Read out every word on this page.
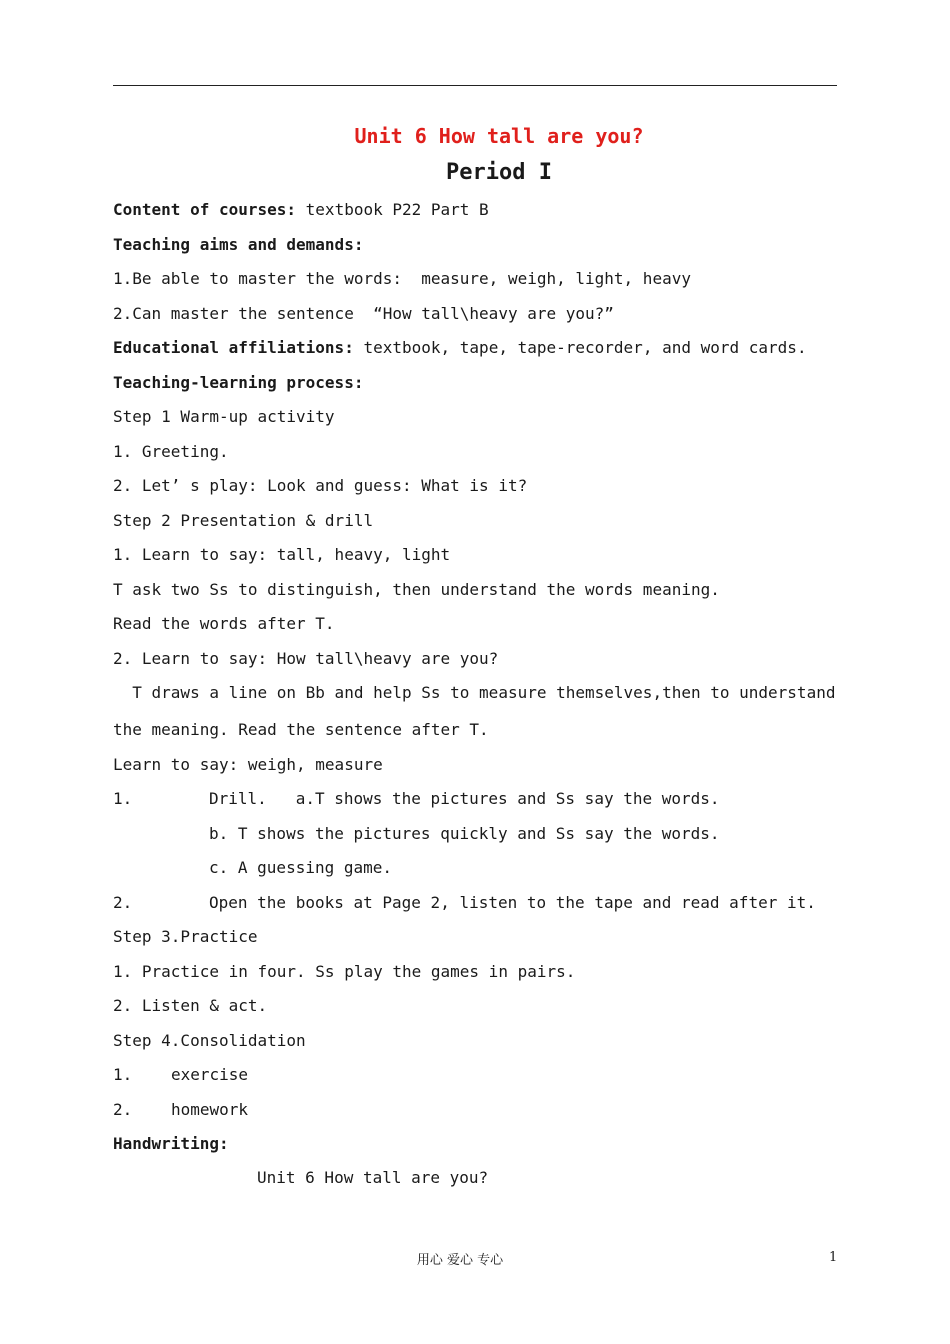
Unit 6 How tall are you?
Period I
Content of courses: textbook P22 Part B
Teaching aims and demands:
1.Be able to master the words:  measure, weigh, light, heavy
2.Can master the sentence  “How tall\heavy are you?”
Educational affiliations: textbook, tape, tape-recorder, and word cards.
Teaching-learning process:
Step 1 Warm-up activity
1. Greeting.
2. Let’ s play: Look and guess: What is it?
Step 2 Presentation & drill
1. Learn to say: tall, heavy, light
T ask two Ss to distinguish, then understand the words meaning.
Read the words after T.
2. Learn to say: How tall\heavy are you?
T draws a line on Bb and help Ss to measure themselves,then to understand
the meaning. Read the sentence after T.
Learn to say: weigh, measure
1.	Drill.   a.T shows the pictures and Ss say the words.
b. T shows the pictures quickly and Ss say the words.
c. A guessing game.
2.	Open the books at Page 2, listen to the tape and read after it.
Step 3.Practice
1. Practice in four. Ss play the games in pairs.
2. Listen & act.
Step 4.Consolidation
1. exercise
2. homework
Handwriting:
Unit 6 How tall are you?
用心 爱心 专心	1
